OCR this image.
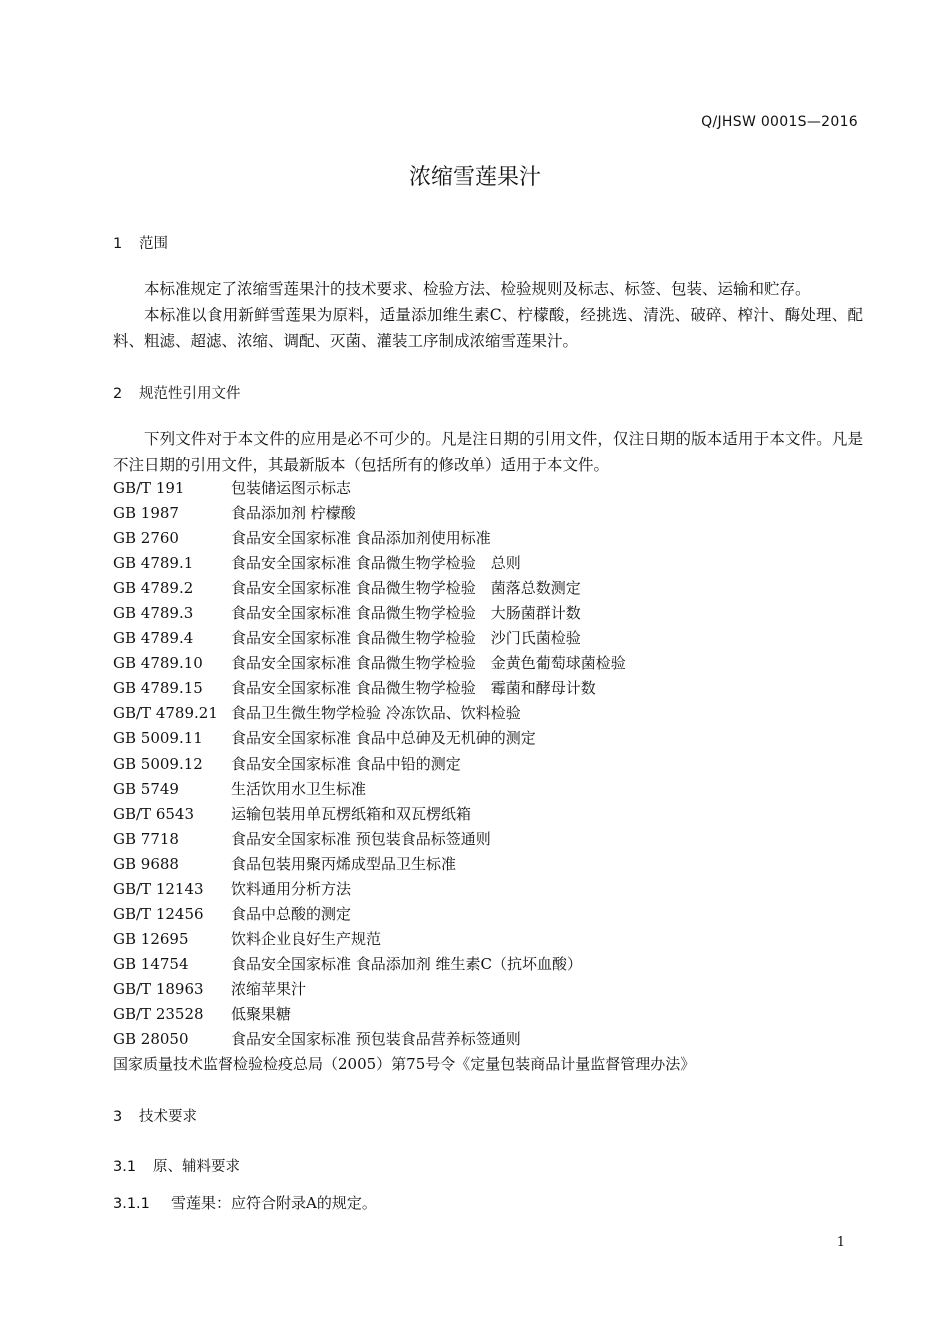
Q/JHSW 0001S—2016
浓缩雪莲果汁
1 范围
本标准规定了浓缩雪莲果汁的技术要求、检验方法、检验规则及标志、标签、包装、运输和贮存。
本标准以食用新鲜雪莲果为原料，适量添加维生素C、柠檬酸，经挑选、清洗、破碎、榨汁、酶处理、配料、粗滤、超滤、浓缩、调配、灭菌、灌装工序制成浓缩雪莲果汁。
2 规范性引用文件
下列文件对于本文件的应用是必不可少的。凡是注日期的引用文件，仅注日期的版本适用于本文件。凡是不注日期的引用文件，其最新版本（包括所有的修改单）适用于本文件。
GB/T 191	包装储运图示标志
GB 1987	食品添加剂 柠檬酸
GB 2760	食品安全国家标准 食品添加剂使用标准
GB 4789.1	食品安全国家标准 食品微生物学检验　总则
GB 4789.2	食品安全国家标准 食品微生物学检验　菌落总数测定
GB 4789.3	食品安全国家标准 食品微生物学检验　大肠菌群计数
GB 4789.4	食品安全国家标准 食品微生物学检验　沙门氏菌检验
GB 4789.10 食品安全国家标准 食品微生物学检验　金黄色葡萄球菌检验
GB 4789.15 食品安全国家标准 食品微生物学检验　霉菌和酵母计数
GB/T 4789.21 食品卫生微生物学检验 冷冻饮品、饮料检验
GB 5009.11 食品安全国家标准 食品中总砷及无机砷的测定
GB 5009.12 食品安全国家标准 食品中铅的测定
GB 5749	生活饮用水卫生标准
GB/T 6543 运输包装用单瓦楞纸箱和双瓦楞纸箱
GB 7718	食品安全国家标准 预包装食品标签通则
GB 9688	食品包装用聚丙烯成型品卫生标准
GB/T 12143 饮料通用分析方法
GB/T 12456 食品中总酸的测定
GB 12695	饮料企业良好生产规范
GB 14754	食品安全国家标准 食品添加剂 维生素C（抗坏血酸）
GB/T 18963 浓缩苹果汁
GB/T 23528 低聚果糖
GB 28050	食品安全国家标准 预包装食品营养标签通则
国家质量技术监督检验检疫总局（2005）第75号令《定量包装商品计量监督管理办法》
3 技术要求
3.1 原、辅料要求
3.1.1 雪莲果：应符合附录A的规定。
1
